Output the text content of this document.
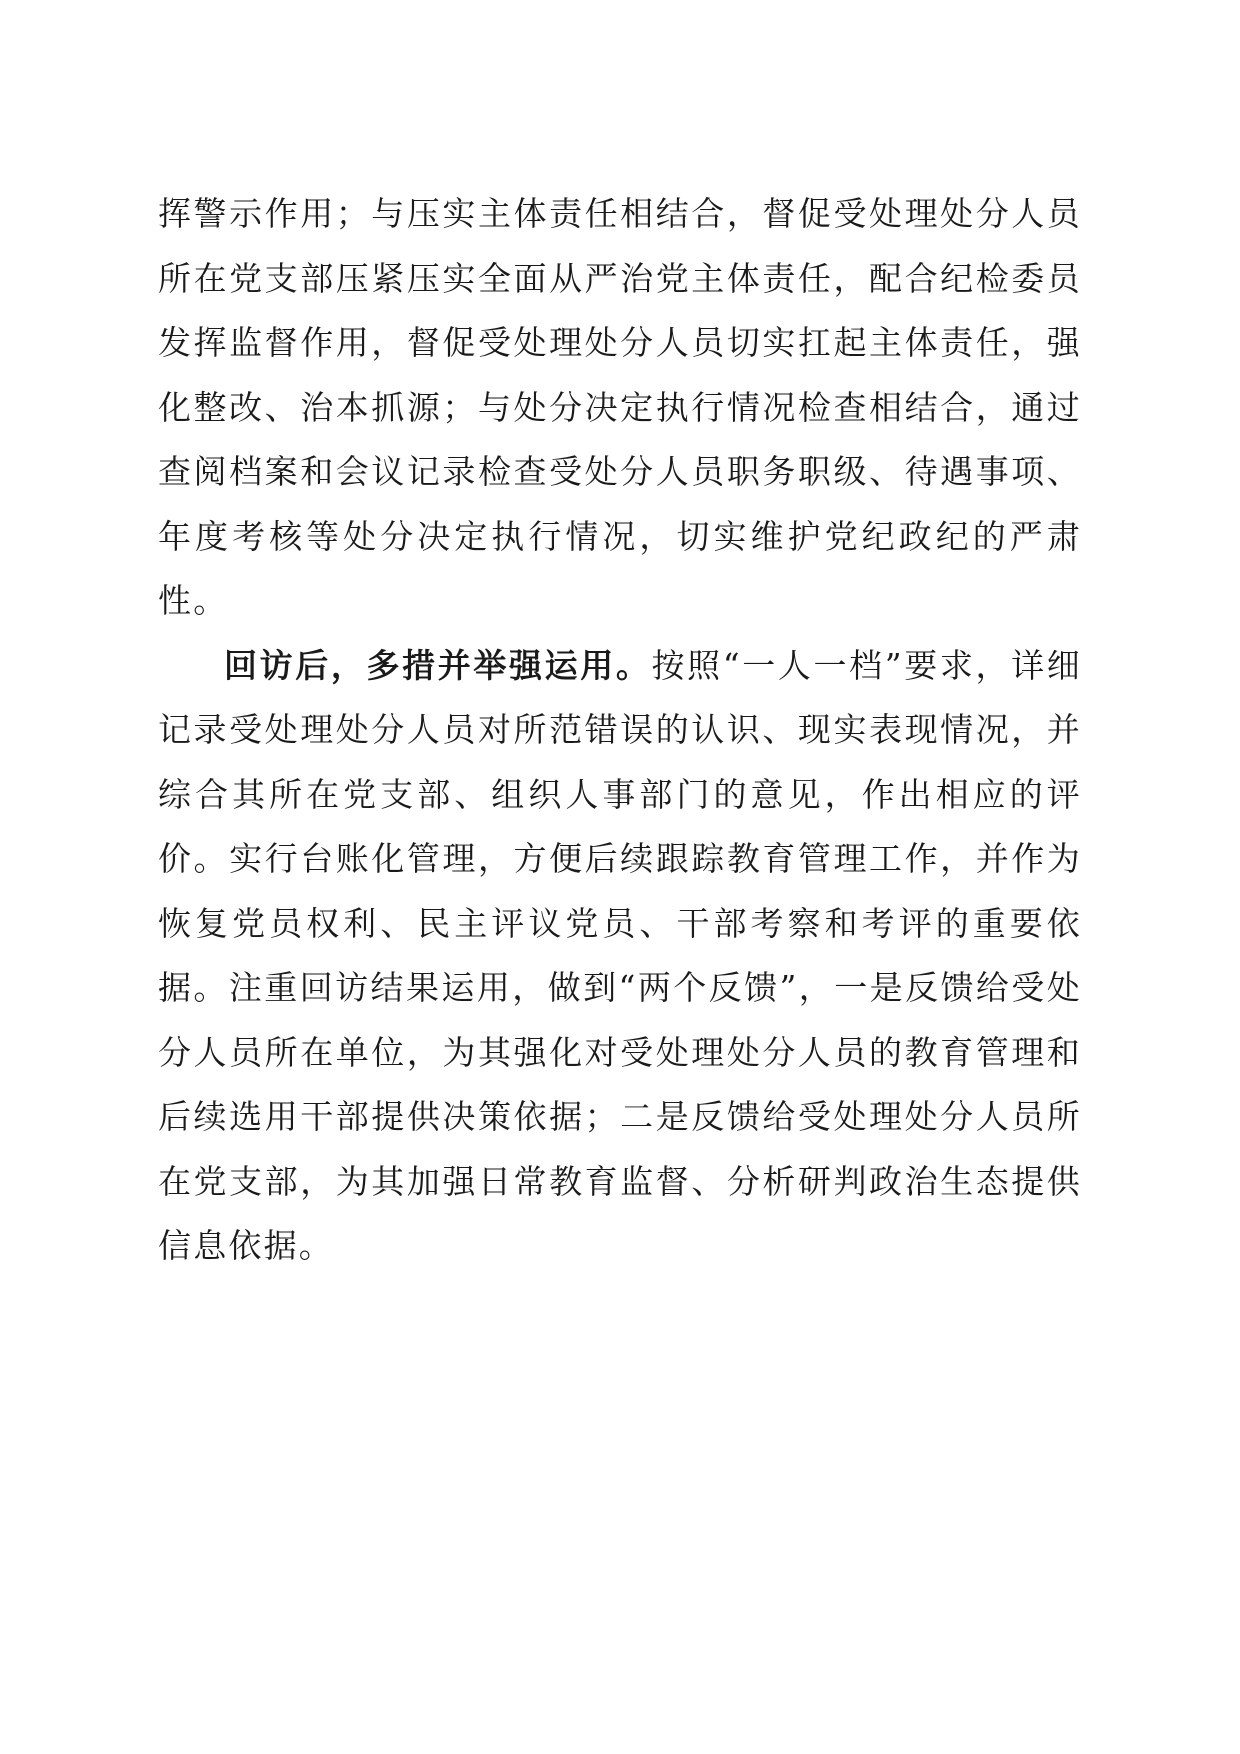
挥警示作用；与压实主体责任相结合，督促受处理处分人员所在党支部压紧压实全面从严治党主体责任，配合纪检委员发挥监督作用，督促受处理处分人员切实扛起主体责任，强化整改、治本抓源；与处分决定执行情况检查相结合，通过查阅档案和会议记录检查受处分人员职务职级、待遇事项、年度考核等处分决定执行情况，切实维护党纪政纪的严肃性。

回访后，多措并举强运用。按照“一人一档”要求，详细记录受处理处分人员对所范错误的认识、现实表现情况，并综合其所在党支部、组织人事部门的意见，作出相应的评价。实行台账化管理，方便后续跟踪教育管理工作，并作为恢复党员权利、民主评议党员、干部考察和考评的重要依据。注重回访结果运用，做到“两个反馈”，一是反馈给受处分人员所在单位，为其强化对受处理处分人员的教育管理和后续选用干部提供决策依据；二是反馈给受处理处分人员所在党支部，为其加强日常教育监督、分析研判政治生态提供信息依据。
